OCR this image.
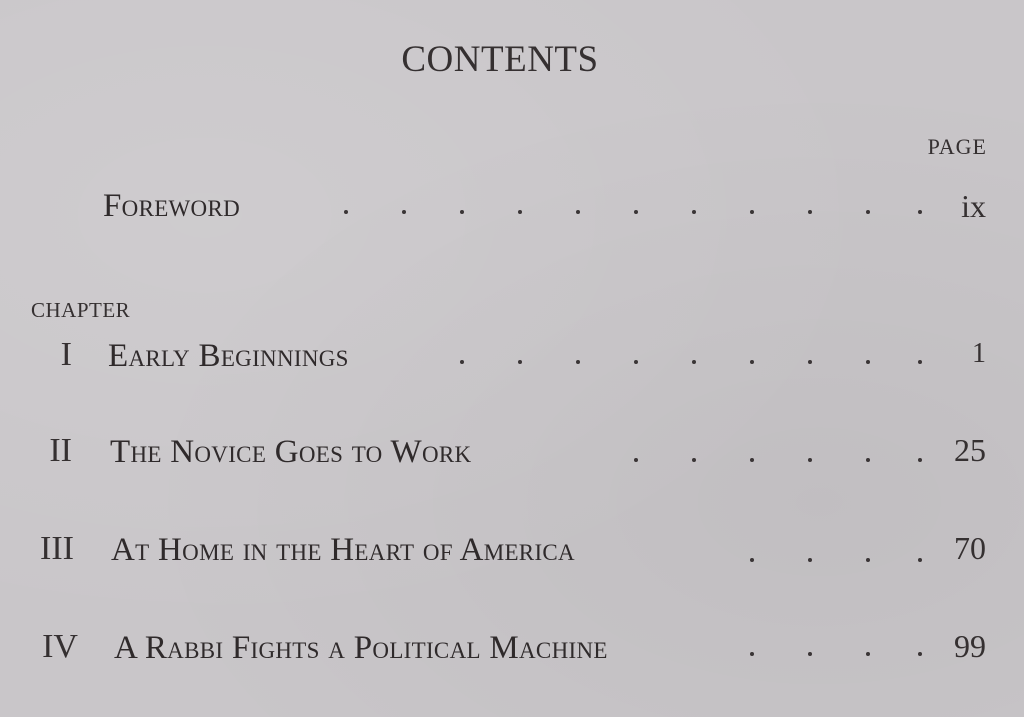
CONTENTS
PAGE
Foreword	ix
CHAPTER
I Early Beginnings	1
II The Novice Goes to Work	25
III At Home in the Heart of America	70
IV A Rabbi Fights a Political Machine	99
